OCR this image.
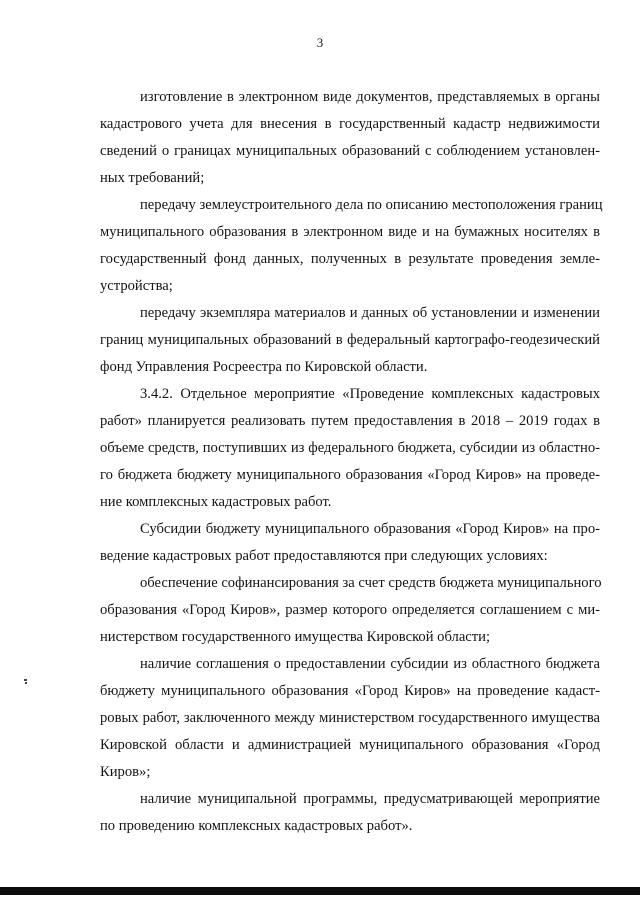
3
изготовление в электронном виде документов, представляемых в органы
кадастрового учета для внесения в государственный кадастр недвижимости
сведений о границах муниципальных образований с соблюдением установлен-
ных требований;
передачу землеустроительного дела по описанию местоположения границ
муниципального образования в электронном виде и на бумажных носителях в
государственный фонд данных, полученных в результате проведения земле-
устройства;
передачу экземпляра материалов и данных об установлении и изменении
границ муниципальных образований в федеральный картографо-геодезический
фонд Управления Росреестра по Кировской области.
3.4.2. Отдельное мероприятие «Проведение комплексных кадастровых
работ» планируется реализовать путем предоставления в 2018 – 2019 годах в
объеме средств, поступивших из федерального бюджета, субсидии из областно-
го бюджета бюджету муниципального образования «Город Киров» на проведе-
ние комплексных кадастровых работ.
Субсидии бюджету муниципального образования «Город Киров» на про-
ведение кадастровых работ предоставляются при следующих условиях:
обеспечение софинансирования за счет средств бюджета муниципального
образования «Город Киров», размер которого определяется соглашением с ми-
нистерством государственного имущества Кировской области;
наличие соглашения о предоставлении субсидии из областного бюджета
бюджету муниципального образования «Город Киров» на проведение кадаст-
ровых работ, заключенного между министерством государственного имущества
Кировской области и администрацией муниципального образования «Город
Киров»;
наличие муниципальной программы, предусматривающей мероприятие
по проведению комплексных кадастровых работ».
